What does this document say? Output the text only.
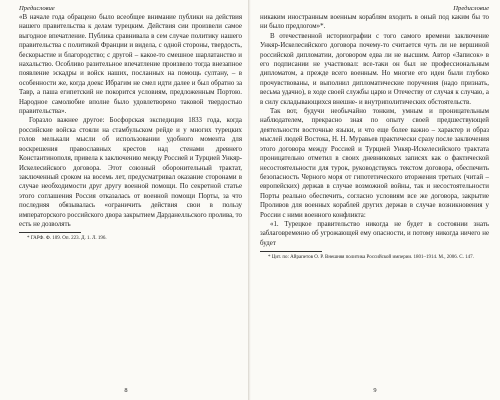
Предисловие

«В начале года обращено было всеобщее внимание публики на действия нашего правительства к делам турецким. Действия сии произвели самое выгодное впечатление. Публика сравнивала в сем случае политику нашего правительства с политикой Франции и видела, с одной стороны, твердость, бескорыстие и благородство; с другой – какое-то смешное шарлатанство и нахальство. Особливо разительное впечатление произвело тогда внезапное появление эскадры и войск наших, посланных на помощь султану, – в особенности же, когда доекс Ибрагим не смел идти далее и был обратно за Тавр, а паша египетский не покорится условиям, предложенным Портою. Народное самолюбие вполне было удовлетворено таковой твердостью правительства».

Горазло важнее другое: Босфорская экспедиция 1833 года, когда российские войска стояли на стамбульском рейде и у многих турецких голов мелькали мысли об использовании удобного момента для воскрешения православных крестов над стенами древнего Константинополя, привела к заключению между Россией и Турцией Ункяр-Искелесийского договора. Этот союзный оборонительный трактат, заключенный сроком на восемь лет, предусматривал оказание сторонами в случае необходимости друг другу военной помощи. По секретной статье этого соглашения Россия отказалась от военной помощи Порты, за что последняя обязывалась «ограничить действия свои в пользу императорского российского двора закрытием Дарданелльского пролива, то есть не дозволять

* ГАРФ. Ф. 109. Оп. 223. Д. 1. Л. 196.

8
Предисловие

никаким иностранным военным кораблям входить в оный под каким бы то ни было предлогом»*.

В отечественной историографии с того самого времени заключение Ункяр-Искелесийского договора почему-то считается чуть ли не вершиной российской дипломатии, договором едва ли не высшим. Автор «Записок» в его подписании не участвовал: все-таки он был не профессиональным дипломатом, а прежде всего военным. Но многие его идеи были глубоко прочувствованы, и выполнил дипломатические поручения (надо признать, весьма удачно), в ходе своей службы царю и Отечеству от случая к случаю, а в силу складывающихся внешне- и внутриполитических обстоятельств.

Так вот, будучи необычайно тонким, умным и проницательным наблюдателем, прекрасно зная по опыту своей предшествующей деятельности восточные языки, и что еще более важно – характер и образ мыслей людей Востока, Н. Н. Муравьев практически сразу после заключения этого договора между Россией и Турцией Ункяр-Искелесийского трактата проницательно отметил в своих дневниковых записях как о фактической несостоятельности для турок, руководствуясь текстом договора, обеспечить безопасность Черного моря от гипотетического вторжения третьих (читай – европейских) держав в случае возможной войны, так и несостоятельности Порты реально обеспечить, согласно условиям все же договора, закрытие Проливов для военных кораблей других держав в случае возникновения у России с ними военного конфликта:

«1. Турецкое правительство никогда не будет в состоянии знать заблаговременно об угрожающей ему опасности, и потому никогда ничего не будет

* Цит. по: Айрапетов О. Р. Внешняя политика Российской империи. 1801–1914. М., 2006. С. 147.

9
